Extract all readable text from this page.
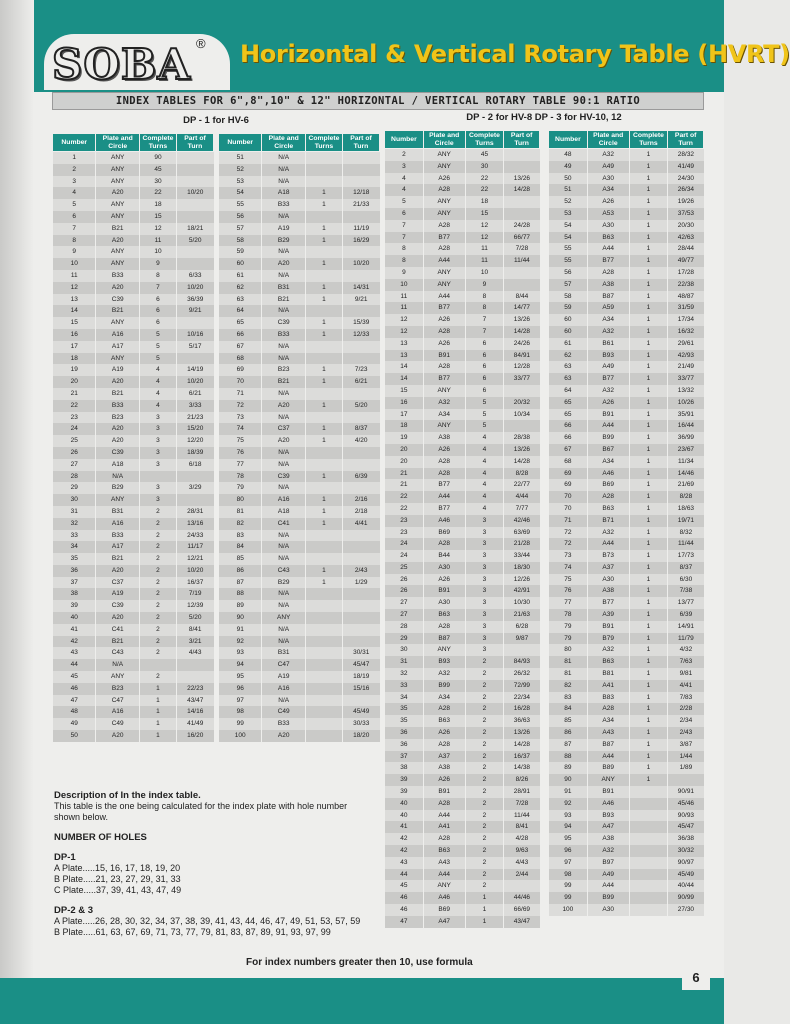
SOBA ® Horizontal & Vertical Rotary Table (HVRT)
INDEX TABLES FOR 6",8",10" & 12" HORIZONTAL / VERTICAL ROTARY TABLE 90:1 RATIO
DP - 1 for HV-6	DP - 2 for HV-8 DP - 3 for HV-10, 12
Number	Plate and Circle	Complete Turns	Part of Turn
1	ANY	90	
2	ANY	45	
3	ANY	30	
4	A20	22	10/20
5	ANY	18	
6	ANY	15	
7	B21	12	18/21
8	A20	11	5/20
9	ANY	10	
10	ANY	9	
11	B33	8	6/33
12	A20	7	10/20
13	C39	6	36/39
14	B21	6	9/21
15	ANY	6	
16	A16	5	10/16
17	A17	5	5/17
18	ANY	5	
19	A19	4	14/19
20	A20	4	10/20
21	B21	4	6/21
22	B33	4	3/33
23	B23	3	21/23
24	A20	3	15/20
25	A20	3	12/20
26	C39	3	18/39
27	A18	3	6/18
28	N/A		
29	B29	3	3/29
30	ANY	3	
31	B31	2	28/31
32	A16	2	13/16
33	B33	2	24/33
34	A17	2	11/17
35	B21	2	12/21
36	A20	2	10/20
37	C37	2	16/37
38	A19	2	7/19
39	C39	2	12/39
40	A20	2	5/20
41	C41	2	8/41
42	B21	2	3/21
43	C43	2	4/43
44	N/A		
45	ANY	2	
46	B23	1	22/23
47	C47	1	43/47
48	A16	1	14/16
49	C49	1	41/49
50	A20	1	16/20
Number	Plate and Circle	Complete Turns	Part of Turn
51	N/A		
52	N/A		
53	N/A		
54	A18	1	12/18
55	B33	1	21/33
56	N/A		
57	A19	1	11/19
58	B29	1	16/29
59	N/A		
60	A20	1	10/20
61	N/A		
62	B31	1	14/31
63	B21	1	9/21
64	N/A		
65	C39	1	15/39
66	B33	1	12/33
67	N/A		
68	N/A		
69	B23	1	7/23
70	B21	1	6/21
71	N/A		
72	A20	1	5/20
73	N/A		
74	C37	1	8/37
75	A20	1	4/20
76	N/A		
77	N/A		
78	C39	1	6/39
79	N/A		
80	A16	1	2/16
81	A18	1	2/18
82	C41	1	4/41
83	N/A		
84	N/A		
85	N/A		
86	C43	1	2/43
87	B29	1	1/29
88	N/A		
89	N/A		
90	ANY		
91	N/A		
92	N/A		
93	B31		30/31
94	C47		45/47
95	A19		18/19
96	A16		15/16
97	N/A		
98	C49		45/49
99	B33		30/33
100	A20		18/20
Number	Plate and Circle	Complete Turns	Part of Turn
2	ANY	45	
3	ANY	30	
4	A26	22	13/26
4	A28	22	14/28
5	ANY	18	
6	ANY	15	
7	A28	12	24/28
7	B77	12	66/77
8	A28	11	7/28
8	A44	11	11/44
9	ANY	10	
10	ANY	9	
11	A44	8	8/44
11	B77	8	14/77
12	A26	7	13/26
12	A28	7	14/28
13	A26	6	24/26
13	B91	6	84/91
14	A28	6	12/28
14	B77	6	33/77
15	ANY	6	
16	A32	5	20/32
17	A34	5	10/34
18	ANY	5	
19	A38	4	28/38
20	A26	4	13/26
20	A28	4	14/28
21	A28	4	8/28
21	B77	4	22/77
22	A44	4	4/44
22	B77	4	7/77
23	A46	3	42/46
23	B69	3	63/69
24	A28	3	21/28
24	B44	3	33/44
25	A30	3	18/30
26	A26	3	12/26
26	B91	3	42/91
27	A30	3	10/30
27	B63	3	21/63
28	A28	3	6/28
29	B87	3	9/87
30	ANY	3	
31	B93	2	84/93
32	A32	2	26/32
33	B99	2	72/99
34	A34	2	22/34
35	A28	2	16/28
35	B63	2	36/63
36	A26	2	13/26
36	A28	2	14/28
37	A37	2	16/37
38	A38	2	14/38
39	A26	2	8/26
39	B91	2	28/91
40	A28	2	7/28
40	A44	2	11/44
41	A41	2	8/41
42	A28	2	4/28
42	B63	2	9/63
43	A43	2	4/43
44	A44	2	2/44
45	ANY	2	
46	A46	1	44/46
46	B69	1	66/69
47	A47	1	43/47
Number	Plate and Circle	Complete Turns	Part of Turn
48	A32	1	28/32
49	A49	1	41/49
50	A30	1	24/30
51	A34	1	26/34
52	A26	1	19/26
53	A53	1	37/53
54	A30	1	20/30
54	B63	1	42/63
55	A44	1	28/44
55	B77	1	49/77
56	A28	1	17/28
57	A38	1	22/38
58	B87	1	48/87
59	A59	1	31/59
60	A34	1	17/34
60	A32	1	16/32
61	B61	1	29/61
62	B93	1	42/93
63	A49	1	21/49
63	B77	1	33/77
64	A32	1	13/32
65	A26	1	10/26
65	B91	1	35/91
66	A44	1	16/44
66	B99	1	36/99
67	B67	1	23/67
68	A34	1	11/34
69	A46	1	14/46
69	B69	1	21/69
70	A28	1	8/28
70	B63	1	18/63
71	B71	1	19/71
72	A32	1	8/32
72	A44	1	11/44
73	B73	1	17/73
74	A37	1	8/37
75	A30	1	6/30
76	A38	1	7/38
77	B77	1	13/77
78	A39	1	6/39
79	B91	1	14/91
79	B79	1	11/79
80	A32	1	4/32
81	B63	1	7/63
81	B81	1	9/81
82	A41	1	4/41
83	B83	1	7/83
84	A28	1	2/28
85	A34	1	2/34
86	A43	1	2/43
87	B87	1	3/87
88	A44	1	1/44
89	B89	1	1/89
90	ANY	1	
91	B91		90/91
92	A46		45/46
93	B93		90/93
94	A47		45/47
95	A38		36/38
96	A32		30/32
97	B97		90/97
98	A49		45/49
99	A44		40/44
99	B99		90/99
100	A30		27/30
Description of In the index table.
This table is the one being calculated for the index plate with hole number shown below.
NUMBER OF HOLES
DP-1
A Plate.....15, 16, 17, 18, 19, 20
B Plate.....21, 23, 27, 29, 31, 33
C Plate.....37, 39, 41, 43, 47, 49
DP-2 & 3
A Plate.....26, 28, 30, 32, 34, 37, 38, 39, 41, 43, 44, 46, 47, 49, 51, 53, 57, 59
B Plate.....61, 63, 67, 69, 71, 73, 77, 79, 81, 83, 87, 89, 91, 93, 97, 99
For index numbers greater then 10, use formula
6
